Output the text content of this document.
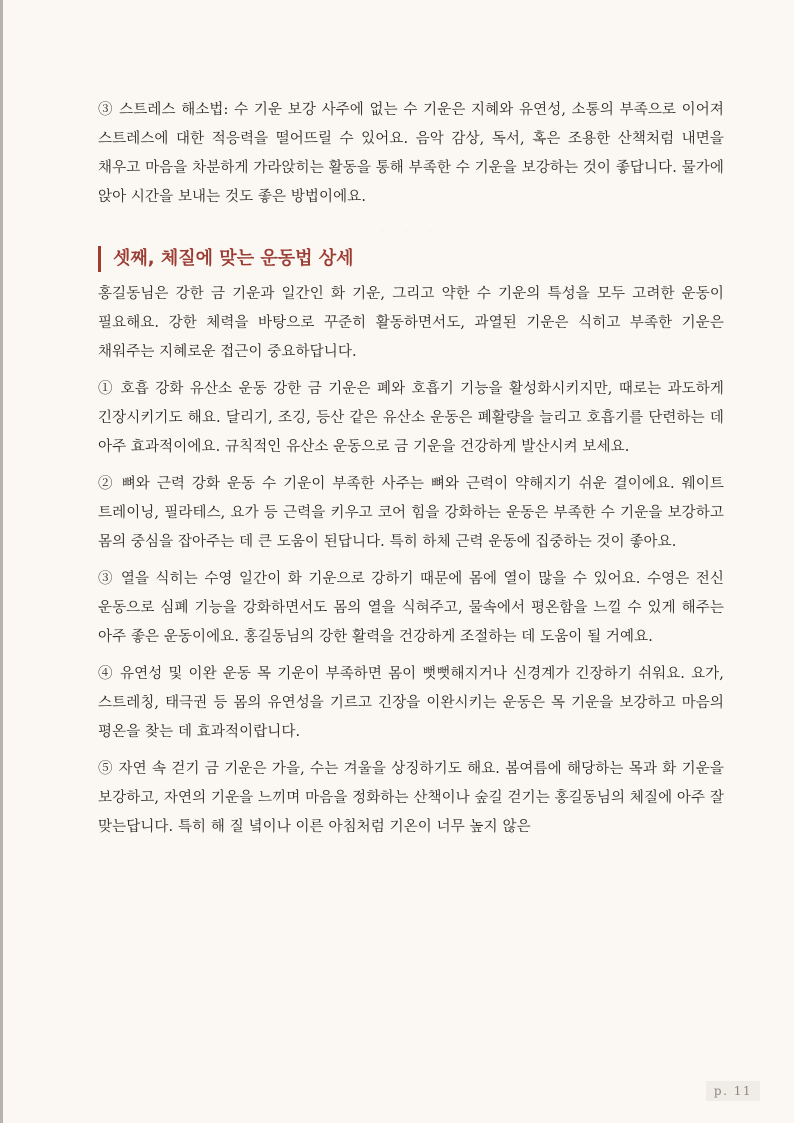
③ 스트레스 해소법: 수 기운 보강 사주에 없는 수 기운은 지혜와 유연성, 소통의 부족으로 이어져 스트레스에 대한 적응력을 떨어뜨릴 수 있어요. 음악 감상, 독서, 혹은 조용한 산책처럼 내면을 채우고 마음을 차분하게 가라앉히는 활동을 통해 부족한 수 기운을 보강하는 것이 좋답니다. 물가에 앉아 시간을 보내는 것도 좋은 방법이에요.

· · ·
셋째, 체질에 맞는 운동법 상세

홍길동님은 강한 금 기운과 일간인 화 기운, 그리고 약한 수 기운의 특성을 모두 고려한 운동이 필요해요. 강한 체력을 바탕으로 꾸준히 활동하면서도, 과열된 기운은 식히고 부족한 기운은 채워주는 지혜로운 접근이 중요하답니다.

① 호흡 강화 유산소 운동 강한 금 기운은 폐와 호흡기 기능을 활성화시키지만, 때로는 과도하게 긴장시키기도 해요. 달리기, 조깅, 등산 같은 유산소 운동은 폐활량을 늘리고 호흡기를 단련하는 데 아주 효과적이에요. 규칙적인 유산소 운동으로 금 기운을 건강하게 발산시켜 보세요.

② 뼈와 근력 강화 운동 수 기운이 부족한 사주는 뼈와 근력이 약해지기 쉬운 결이에요. 웨이트 트레이닝, 필라테스, 요가 등 근력을 키우고 코어 힘을 강화하는 운동은 부족한 수 기운을 보강하고 몸의 중심을 잡아주는 데 큰 도움이 된답니다. 특히 하체 근력 운동에 집중하는 것이 좋아요.

③ 열을 식히는 수영 일간이 화 기운으로 강하기 때문에 몸에 열이 많을 수 있어요. 수영은 전신 운동으로 심폐 기능을 강화하면서도 몸의 열을 식혀주고, 물속에서 평온함을 느낄 수 있게 해주는 아주 좋은 운동이에요. 홍길동님의 강한 활력을 건강하게 조절하는 데 도움이 될 거예요.

④ 유연성 및 이완 운동 목 기운이 부족하면 몸이 뻣뻣해지거나 신경계가 긴장하기 쉬워요. 요가, 스트레칭, 태극권 등 몸의 유연성을 기르고 긴장을 이완시키는 운동은 목 기운을 보강하고 마음의 평온을 찾는 데 효과적이랍니다.

⑤ 자연 속 걷기 금 기운은 가을, 수는 겨울을 상징하기도 해요. 봄여름에 해당하는 목과 화 기운을 보강하고, 자연의 기운을 느끼며 마음을 정화하는 산책이나 숲길 걷기는 홍길동님의 체질에 아주 잘 맞는답니다. 특히 해 질 녘이나 이른 아침처럼 기온이 너무 높지 않은

p. 11
